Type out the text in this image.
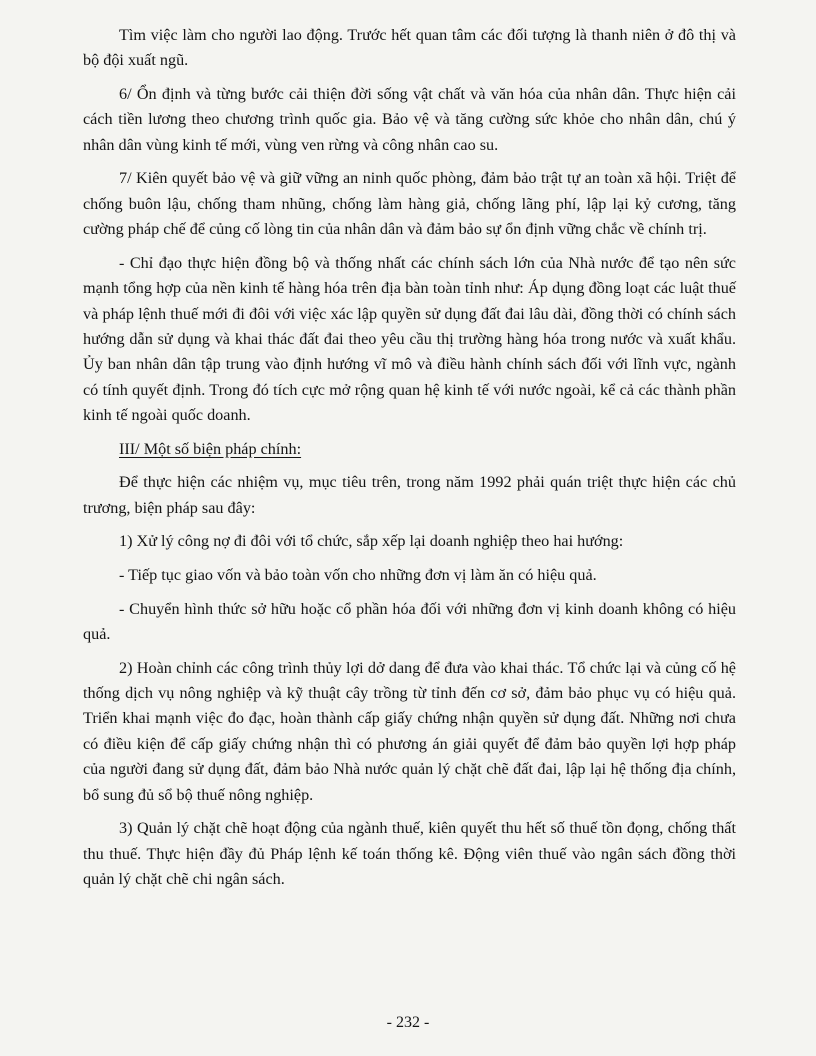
Tìm việc làm cho người lao động. Trước hết quan tâm các đối tượng là thanh niên ở đô thị và bộ đội xuất ngũ.

6/ Ổn định và từng bước cải thiện đời sống vật chất và văn hóa của nhân dân. Thực hiện cải cách tiền lương theo chương trình quốc gia. Bảo vệ và tăng cường sức khỏe cho nhân dân, chú ý nhân dân vùng kinh tế mới, vùng ven rừng và công nhân cao su.

7/ Kiên quyết bảo vệ và giữ vững an ninh quốc phòng, đảm bảo trật tự an toàn xã hội. Triệt để chống buôn lậu, chống tham nhũng, chống làm hàng giả, chống lãng phí, lập lại kỷ cương, tăng cường pháp chế để củng cố lòng tin của nhân dân và đảm bảo sự ổn định vững chắc về chính trị.

- Chỉ đạo thực hiện đồng bộ và thống nhất các chính sách lớn của Nhà nước để tạo nên sức mạnh tổng hợp của nền kinh tế hàng hóa trên địa bàn toàn tỉnh như: Áp dụng đồng loạt các luật thuế và pháp lệnh thuế mới đi đôi với việc xác lập quyền sử dụng đất đai lâu dài, đồng thời có chính sách hướng dẫn sử dụng và khai thác đất đai theo yêu cầu thị trường hàng hóa trong nước và xuất khẩu. Ủy ban nhân dân tập trung vào định hướng vĩ mô và điều hành chính sách đối với lĩnh vực, ngành có tính quyết định. Trong đó tích cực mở rộng quan hệ kinh tế với nước ngoài, kể cả các thành phần kinh tế ngoài quốc doanh.

III/ Một số biện pháp chính:

Để thực hiện các nhiệm vụ, mục tiêu trên, trong năm 1992 phải quán triệt thực hiện các chủ trương, biện pháp sau đây:

1) Xử lý công nợ đi đôi với tổ chức, sắp xếp lại doanh nghiệp theo hai hướng:

- Tiếp tục giao vốn và bảo toàn vốn cho những đơn vị làm ăn có hiệu quả.

- Chuyển hình thức sở hữu hoặc cổ phần hóa đối với những đơn vị kinh doanh không có hiệu quả.

2) Hoàn chỉnh các công trình thủy lợi dở dang để đưa vào khai thác. Tổ chức lại và củng cố hệ thống dịch vụ nông nghiệp và kỹ thuật cây trồng từ tỉnh đến cơ sở, đảm bảo phục vụ có hiệu quả. Triển khai mạnh việc đo đạc, hoàn thành cấp giấy chứng nhận quyền sử dụng đất. Những nơi chưa có điều kiện để cấp giấy chứng nhận thì có phương án giải quyết để đảm bảo quyền lợi hợp pháp của người đang sử dụng đất, đảm bảo Nhà nước quản lý chặt chẽ đất đai, lập lại hệ thống địa chính, bổ sung đủ sổ bộ thuế nông nghiệp.

3) Quản lý chặt chẽ hoạt động của ngành thuế, kiên quyết thu hết số thuế tồn đọng, chống thất thu thuế. Thực hiện đầy đủ Pháp lệnh kế toán thống kê. Động viên thuế vào ngân sách đồng thời quản lý chặt chẽ chi ngân sách.

- 232 -
